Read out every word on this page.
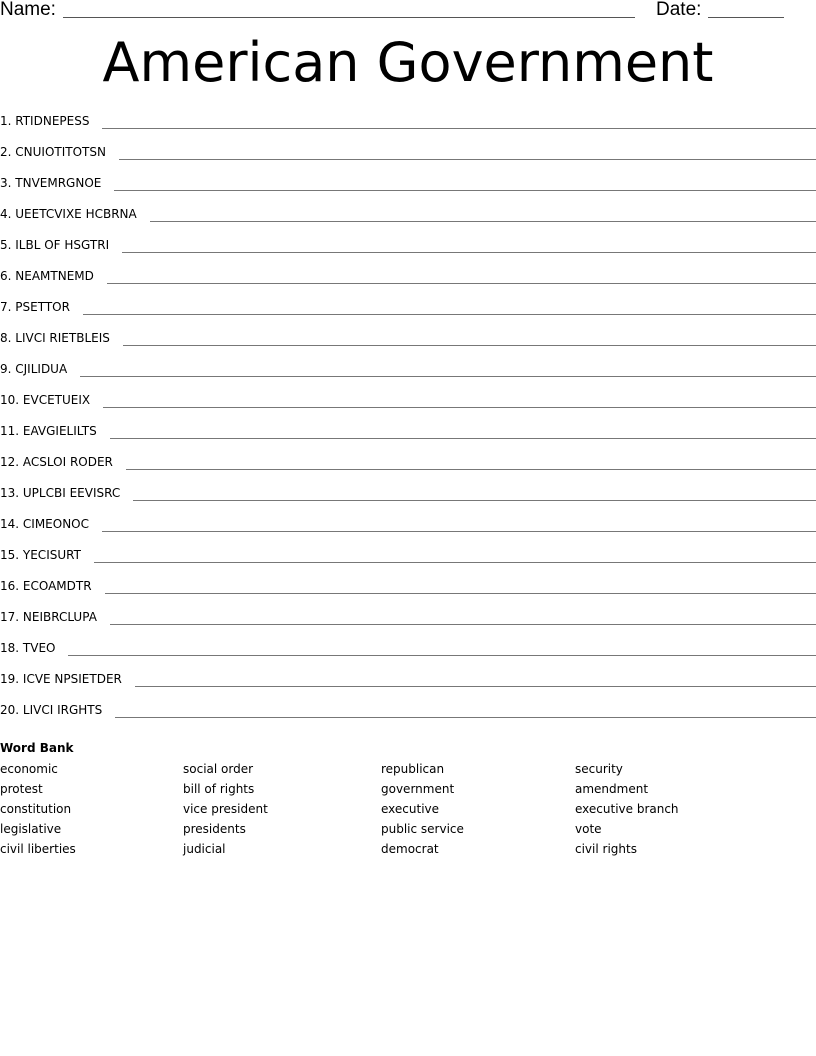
Name:	Date:
American Government
1. RTIDNEPESS
2. CNUIOTITOTSN
3. TNVEMRGNOE
4. UEETCVIXE HCBRNA
5. ILBL OF HSGTRI
6. NEAMTNEMD
7. PSETTOR
8. LIVCI RIETBLEIS
9. CJILIDUA
10. EVCETUEIX
11. EAVGIELILTS
12. ACSLOI RODER
13. UPLCBI EEVISRC
14. CIMEONOC
15. YECISURT
16. ECOAMDTR
17. NEIBRCLUPA
18. TVEO
19. ICVE NPSIETDER
20. LIVCI IRGHTS
Word Bank
economic
protest
constitution
legislative
civil liberties
social order
bill of rights
vice president
presidents
judicial
republican
government
executive
public service
democrat
security
amendment
executive branch
vote
civil rights
